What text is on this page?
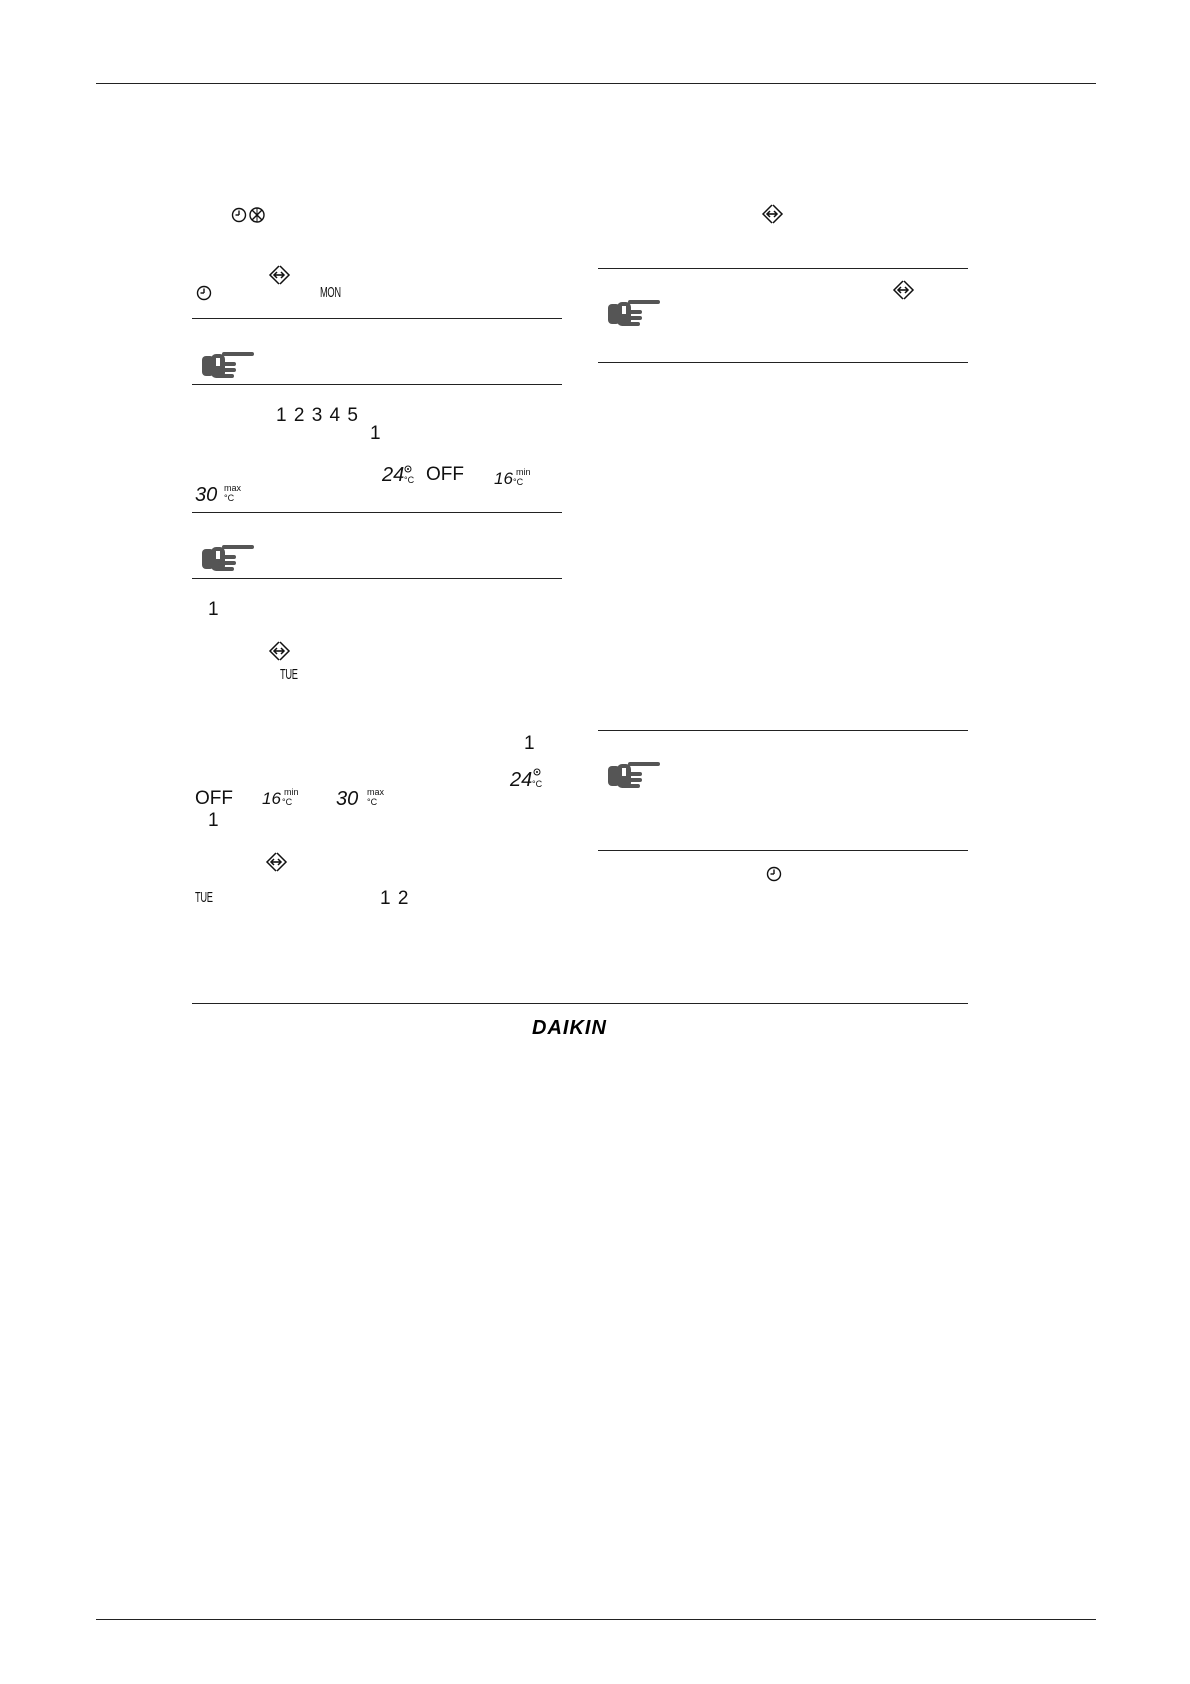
MON
1 2 3 4 5
1
24 °C OFF 16 min
°C
30 max
°C
1
TUE
1
24 °C
OFF 16 min
°C 30 max
°C
1
TUE	1 2
DAIKIN
